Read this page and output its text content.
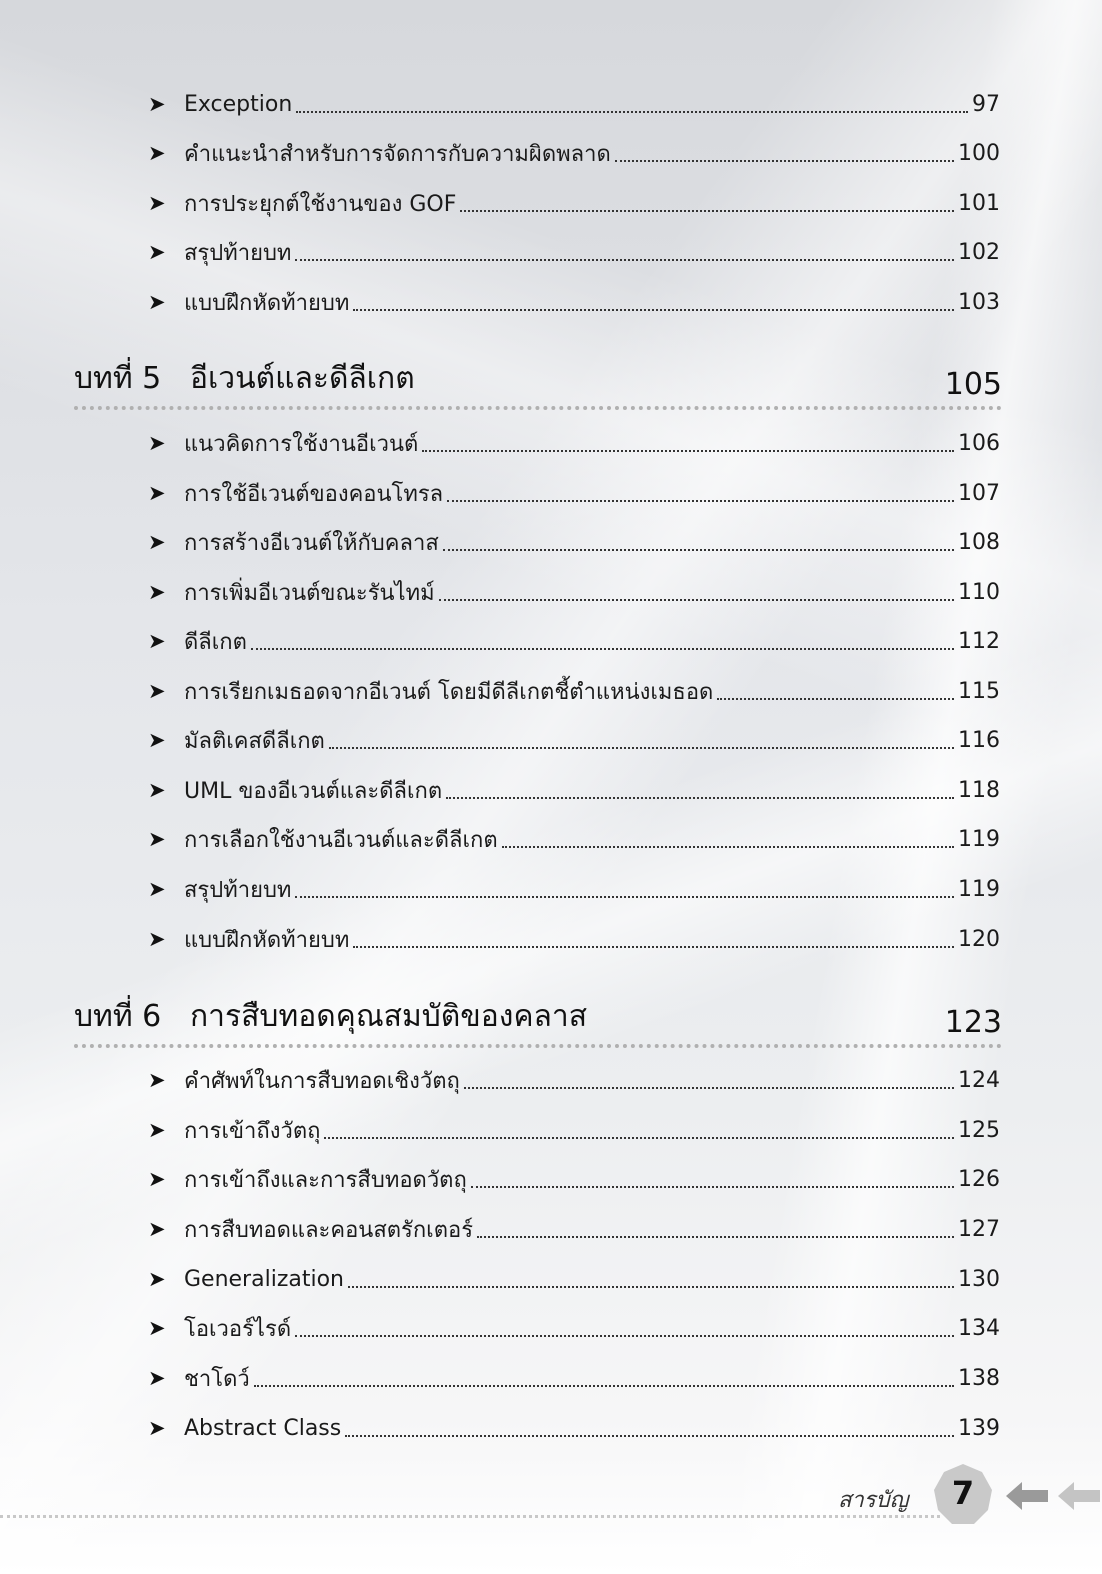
➤ Exception	97
➤ คำแนะนำสำหรับการจัดการกับความผิดพลาด	100
➤ การประยุกต์ใช้งานของ GOF	101
➤ สรุปท้ายบท	102
➤ แบบฝึกหัดท้ายบท	103
บทที่ 5 อีเวนต์และดีลีเกต	105
➤ แนวคิดการใช้งานอีเวนต์	106
➤ การใช้อีเวนต์ของคอนโทรล	107
➤ การสร้างอีเวนต์ให้กับคลาส	108
➤ การเพิ่มอีเวนต์ขณะรันไทม์	110
➤ ดีลีเกต	112
➤ การเรียกเมธอดจากอีเวนต์ โดยมีดีลีเกตชี้ตำแหน่งเมธอด	115
➤ มัลติเคสดีลีเกต	116
➤ UML ของอีเวนต์และดีลีเกต	118
➤ การเลือกใช้งานอีเวนต์และดีลีเกต	119
➤ สรุปท้ายบท	119
➤ แบบฝึกหัดท้ายบท	120
บทที่ 6 การสืบทอดคุณสมบัติของคลาส	123
➤ คำศัพท์ในการสืบทอดเชิงวัตถุ	124
➤ การเข้าถึงวัตถุ	125
➤ การเข้าถึงและการสืบทอดวัตถุ	126
➤ การสืบทอดและคอนสตรักเตอร์	127
➤ Generalization	130
➤ โอเวอร์ไรด์	134
➤ ชาโดว์	138
➤ Abstract Class	139
สารบัญ	7
